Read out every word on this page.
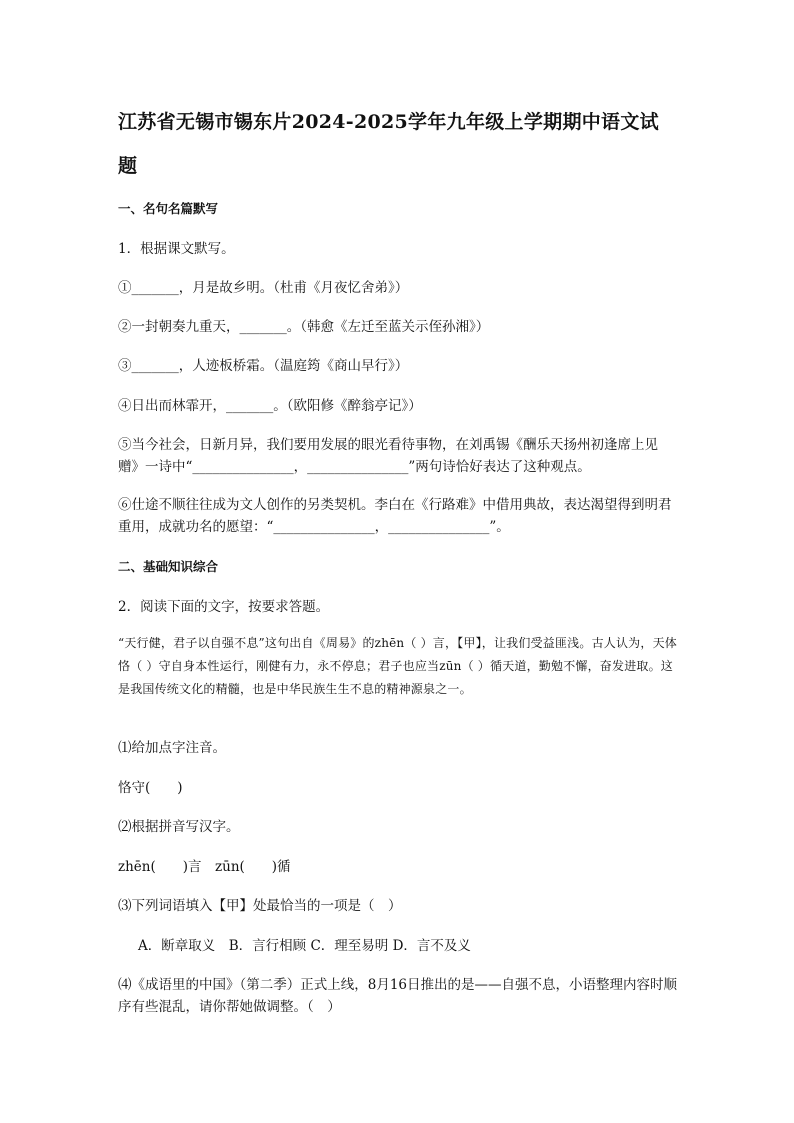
江苏省无锡市锡东片2024-2025学年九年级上学期期中语文试题
一、名句名篇默写
1．根据课文默写。
①_______，月是故乡明。（杜甫《月夜忆舍弟》）
②一封朝奏九重天，_______。（韩愈《左迁至蓝关示侄孙湘》）
③_______，人迹板桥霜。（温庭筠《商山早行》）
④日出而林霏开，_______。（欧阳修《醉翁亭记》）
⑤当今社会，日新月异，我们要用发展的眼光看待事物，在刘禹锡《酬乐天扬州初逢席上见赠》一诗中“_______________，_______________”两句诗恰好表达了这种观点。
⑥仕途不顺往往成为文人创作的另类契机。李白在《行路难》中借用典故，表达渴望得到明君重用，成就功名的愿望：“_______________，_______________”。
二、基础知识综合
2．阅读下面的文字，按要求答题。
“天行健，君子以自强不息”这句出自《周易》的zhēn（ ）言，【甲】，让我们受益匪浅。古人认为，天体恪（ ）守自身本性运行，刚健有力，永不停息；君子也应当zūn（ ）循天道，勤勉不懈，奋发进取。这是我国传统文化的精髓，也是中华民族生生不息的精神源泉之一。
⑴给加点字注音。
恪守(　　)
⑵根据拼音写汉字。
zhēn(　　)言　zūn(　　)循
⑶下列词语填入【甲】处最恰当的一项是（　）
A．断章取义　B．言行相顾 C．理至易明 D．言不及义
⑷《成语里的中国》（第二季）正式上线，8月16日推出的是——自强不息，小语整理内容时顺序有些混乱，请你帮她做调整。（　）
